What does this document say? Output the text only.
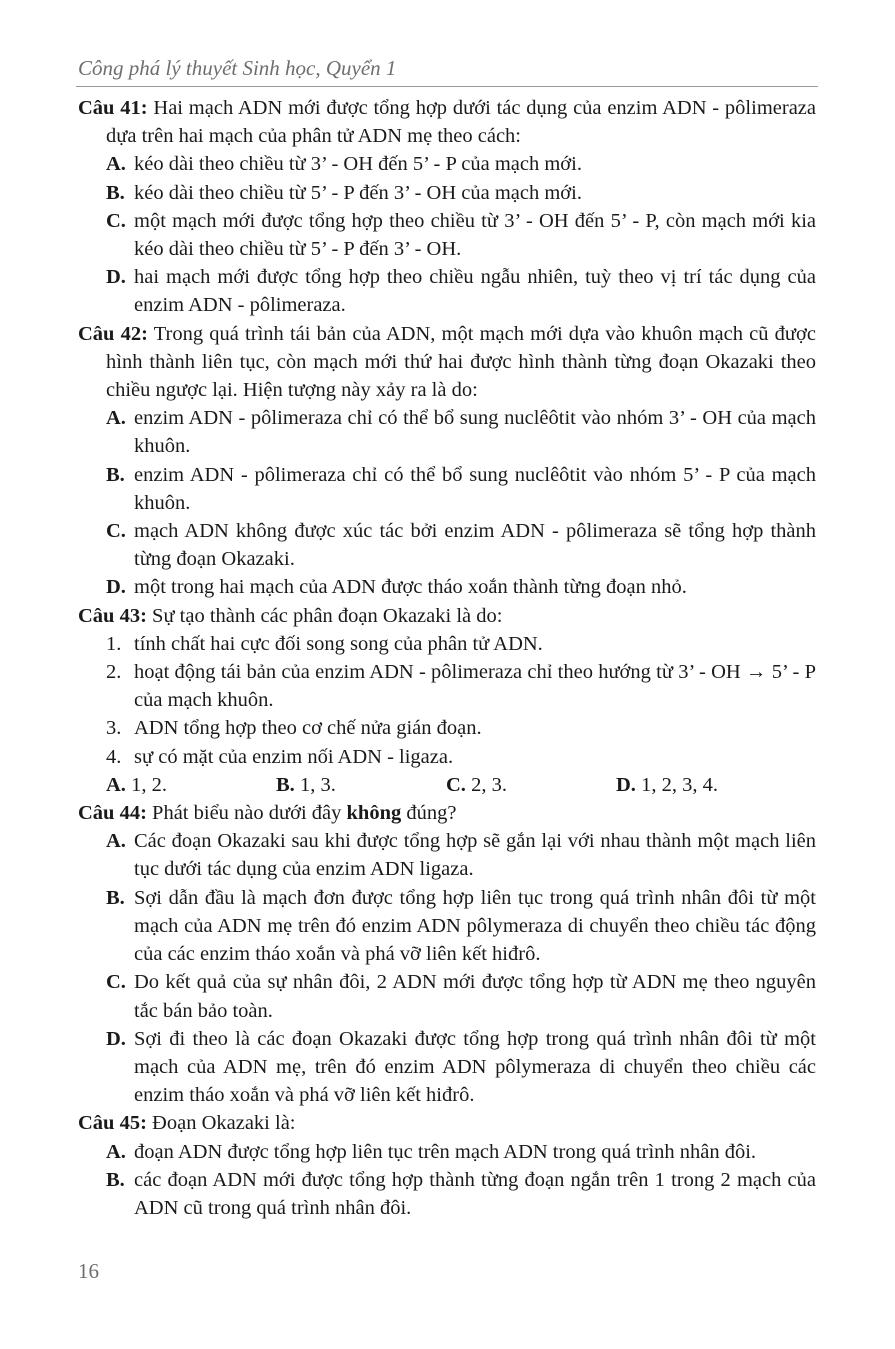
Công phá lý thuyết Sinh học, Quyển 1
Câu 41: Hai mạch ADN mới được tổng hợp dưới tác dụng của enzim ADN - pôlimeraza dựa trên hai mạch của phân tử ADN mẹ theo cách:
A. kéo dài theo chiều từ 3’ - OH đến 5’ - P của mạch mới.
B. kéo dài theo chiều từ 5’ - P đến 3’ - OH của mạch mới.
C. một mạch mới được tổng hợp theo chiều từ 3’ - OH đến 5’ - P, còn mạch mới kia kéo dài theo chiều từ 5’ - P đến 3’ - OH.
D. hai mạch mới được tổng hợp theo chiều ngẫu nhiên, tuỳ theo vị trí tác dụng của enzim ADN - pôlimeraza.
Câu 42: Trong quá trình tái bản của ADN, một mạch mới dựa vào khuôn mạch cũ được hình thành liên tục, còn mạch mới thứ hai được hình thành từng đoạn Okazaki theo chiều ngược lại. Hiện tượng này xảy ra là do:
A. enzim ADN - pôlimeraza chỉ có thể bổ sung nuclêôtit vào nhóm 3’ - OH của mạch khuôn.
B. enzim ADN - pôlimeraza chỉ có thể bổ sung nuclêôtit vào nhóm 5’ - P của mạch khuôn.
C. mạch ADN không được xúc tác bởi enzim ADN - pôlimeraza sẽ tổng hợp thành từng đoạn Okazaki.
D. một trong hai mạch của ADN được tháo xoắn thành từng đoạn nhỏ.
Câu 43: Sự tạo thành các phân đoạn Okazaki là do:
1. tính chất hai cực đối song song của phân tử ADN.
2. hoạt động tái bản của enzim ADN - pôlimeraza chỉ theo hướng từ 3’ - OH → 5’ - P của mạch khuôn.
3. ADN tổng hợp theo cơ chế nửa gián đoạn.
4. sự có mặt của enzim nối ADN - ligaza.
A. 1, 2.	B. 1, 3.	C. 2, 3.	D. 1, 2, 3, 4.
Câu 44: Phát biểu nào dưới đây không đúng?
A. Các đoạn Okazaki sau khi được tổng hợp sẽ gắn lại với nhau thành một mạch liên tục dưới tác dụng của enzim ADN ligaza.
B. Sợi dẫn đầu là mạch đơn được tổng hợp liên tục trong quá trình nhân đôi từ một mạch của ADN mẹ trên đó enzim ADN pôlymeraza di chuyển theo chiều tác động của các enzim tháo xoắn và phá vỡ liên kết hiđrô.
C. Do kết quả của sự nhân đôi, 2 ADN mới được tổng hợp từ ADN mẹ theo nguyên tắc bán bảo toàn.
D. Sợi đi theo là các đoạn Okazaki được tổng hợp trong quá trình nhân đôi từ một mạch của ADN mẹ, trên đó enzim ADN pôlymeraza di chuyển theo chiều các enzim tháo xoắn và phá vỡ liên kết hiđrô.
Câu 45: Đoạn Okazaki là:
A. đoạn ADN được tổng hợp liên tục trên mạch ADN trong quá trình nhân đôi.
B. các đoạn ADN mới được tổng hợp thành từng đoạn ngắn trên 1 trong 2 mạch của ADN cũ trong quá trình nhân đôi.
16
